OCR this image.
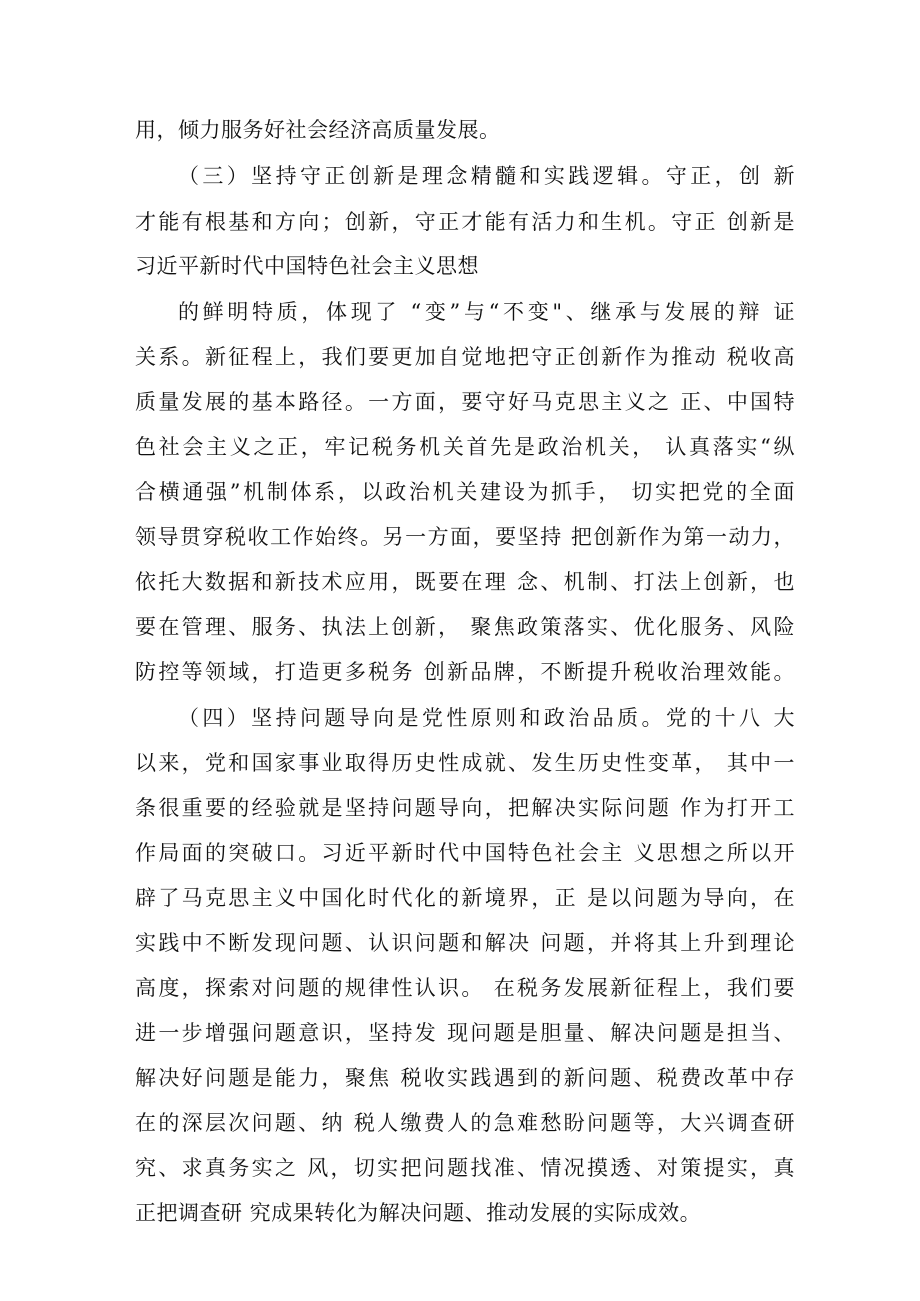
用，倾力服务好社会经济高质量发展。
（三）坚持守正创新是理念精髓和实践逻辑。守正，创 新
才能有根基和方向；创新，守正才能有活力和生机。守正 创新是
习近平新时代中国特色社会主义思想
的鲜明特质，体现了 “变”与“不变"、继承与发展的辩 证
关系。新征程上，我们要更加自觉地把守正创新作为推动 税收高
质量发展的基本路径。一方面，要守好马克思主义之 正、中国特
色社会主义之正，牢记税务机关首先是政治机关， 认真落实“纵
合横通强”机制体系，以政治机关建设为抓手， 切实把党的全面
领导贯穿税收工作始终。另一方面，要坚持 把创新作为第一动力，
依托大数据和新技术应用，既要在理 念、机制、打法上创新，也
要在管理、服务、执法上创新， 聚焦政策落实、优化服务、风险
防控等领域，打造更多税务 创新品牌，不断提升税收治理效能。
（四）坚持问题导向是党性原则和政治品质。党的十八 大
以来，党和国家事业取得历史性成就、发生历史性变革， 其中一
条很重要的经验就是坚持问题导向，把解决实际问题 作为打开工
作局面的突破口。习近平新时代中国特色社会主 义思想之所以开
辟了马克思主义中国化时代化的新境界，正 是以问题为导向，在
实践中不断发现问题、认识问题和解决 问题，并将其上升到理论
高度，探索对问题的规律性认识。 在税务发展新征程上，我们要
进一步增强问题意识，坚持发 现问题是胆量、解决问题是担当、
解决好问题是能力，聚焦 税收实践遇到的新问题、税费改革中存
在的深层次问题、纳 税人缴费人的急难愁盼问题等，大兴调查研
究、求真务实之 风，切实把问题找准、情况摸透、对策提实，真
正把调查研 究成果转化为解决问题、推动发展的实际成效。
